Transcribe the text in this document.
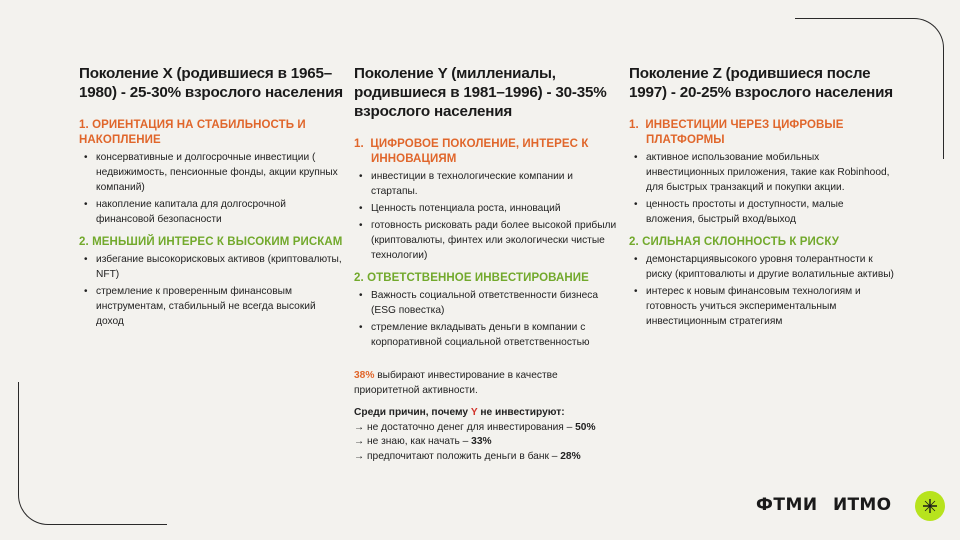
Поколение X (родившиеся в 1965–1980) - 25-30% взрослого населения
1. ОРИЕНТАЦИЯ НА СТАБИЛЬНОСТЬ И НАКОПЛЕНИЕ
• консервативные и долгосрочные инвестиции ( недвижимость, пенсионные фонды, акции крупных компаний)
• накопление капитала для долгосрочной финансовой безопасности
2. МЕНЬШИЙ ИНТЕРЕС К ВЫСОКИМ РИСКАМ
• избегание высокорисковых активов (криптовалюты, NFT)
• стремление к проверенным финансовым инструментам, стабильный не всегда высокий доход
Поколение Y (миллениалы, родившиеся в 1981–1996) - 30-35% взрослого населения
1. ЦИФРОВОЕ ПОКОЛЕНИЕ, ИНТЕРЕС К ИННОВАЦИЯМ
• инвестиции в технологические компании и стартапы.
• Ценность потенциала роста, инноваций
• готовность рисковать ради более высокой прибыли (криптовалюты, финтех или экологически чистые технологии)
2. ОТВЕТСТВЕННОЕ ИНВЕСТИРОВАНИЕ
• Важность социальной ответственности бизнеса (ESG повестка)
• стремление вкладывать деньги в компании с корпоративной социальной ответственностью
38% выбирают инвестирование в качестве приоритетной активности.
Среди причин, почему Y не инвестируют:
→ не достаточно денег для инвестирования – 50%
→ не знаю, как начать – 33%
→ предпочитают положить деньги в банк – 28%
Поколение Z (родившиеся после 1997) - 20-25% взрослого населения
1. ИНВЕСТИЦИИ ЧЕРЕЗ ЦИФРОВЫЕ ПЛАТФОРМЫ
• активное использование мобильных инвестиционных приложения, такие как Robinhood, для быстрых транзакций и покупки акции.
• ценность простоты и доступности, малые вложения, быстрый вход/выход
2. СИЛЬНАЯ СКЛОННОСТЬ К РИСКУ
• демонстарциявысокого уровня толерантности к риску (криптовалюты и другие волатильные активы)
• интерес к новым финансовым технологиям и готовность учиться экспериментальным инвестиционным стратегиям
ФТМИ ИTMO
